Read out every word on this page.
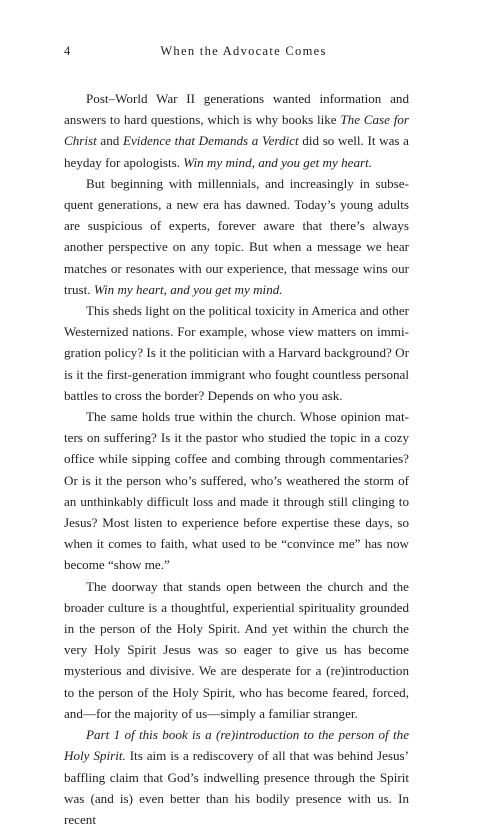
4	When the Advocate Comes

Post–World War II generations wanted information and answers to hard questions, which is why books like The Case for Christ and Evidence that Demands a Verdict did so well. It was a heyday for apologists. Win my mind, and you get my heart.

But beginning with millennials, and increasingly in subsequent generations, a new era has dawned. Today’s young adults are suspicious of experts, forever aware that there’s always another perspective on any topic. But when a message we hear matches or resonates with our experience, that message wins our trust. Win my heart, and you get my mind.

This sheds light on the political toxicity in America and other Westernized nations. For example, whose view matters on immigration policy? Is it the politician with a Harvard background? Or is it the first-generation immigrant who fought countless personal battles to cross the border? Depends on who you ask.

The same holds true within the church. Whose opinion matters on suffering? Is it the pastor who studied the topic in a cozy office while sipping coffee and combing through commentaries? Or is it the person who’s suffered, who’s weathered the storm of an unthinkably difficult loss and made it through still clinging to Jesus? Most listen to experience before expertise these days, so when it comes to faith, what used to be “convince me” has now become “show me.”

The doorway that stands open between the church and the broader culture is a thoughtful, experiential spirituality grounded in the person of the Holy Spirit. And yet within the church the very Holy Spirit Jesus was so eager to give us has become mysterious and divisive. We are desperate for a (re)introduction to the person of the Holy Spirit, who has become feared, forced, and—for the majority of us—simply a familiar stranger.

Part 1 of this book is a (re)introduction to the person of the Holy Spirit. Its aim is a rediscovery of all that was behind Jesus’ baffling claim that God’s indwelling presence through the Spirit was (and is) even better than his bodily presence with us. In recent
